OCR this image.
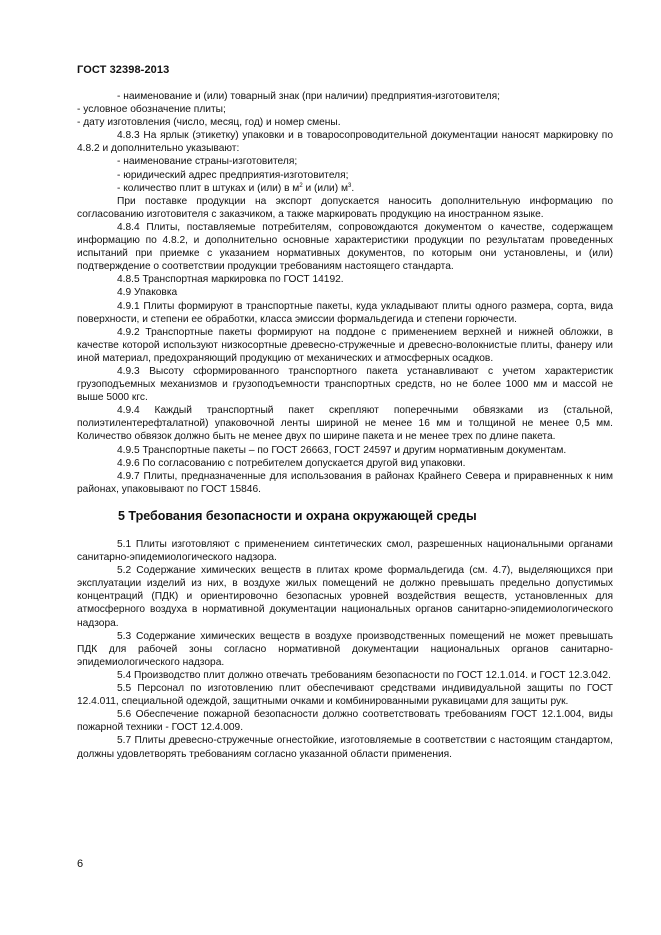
ГОСТ 32398-2013

- наименование и (или) товарный знак (при наличии) предприятия-изготовителя;

- условное обозначение плиты;

- дату изготовления (число, месяц, год) и номер смены.

4.8.3 На ярлык (этикетку) упаковки и в товаросопроводительной документации наносят маркировку по 4.8.2 и дополнительно указывают:

- наименование страны-изготовителя;

- юридический адрес предприятия-изготовителя;

- количество плит в штуках и (или) в $м^2$ и (или) $м^3$.

При поставке продукции на экспорт допускается наносить дополнительную информацию по согласованию изготовителя с заказчиком, а также маркировать продукцию на иностранном языке.

4.8.4 Плиты, поставляемые потребителям, сопровождаются документом о качестве, содержащем информацию по 4.8.2, и дополнительно основные характеристики продукции по результатам проведенных испытаний при приемке с указанием нормативных документов, по которым они установлены, и (или) подтверждение о соответствии продукции требованиям настоящего стандарта.

4.8.5 Транспортная маркировка по ГОСТ 14192.

4.9 Упаковка

4.9.1 Плиты формируют в транспортные пакеты, куда укладывают плиты одного размера, сорта, вида поверхности, и степени ее обработки, класса эмиссии формальдегида и степени горючести.

4.9.2 Транспортные пакеты формируют на поддоне с применением верхней и нижней обложки, в качестве которой используют низкосортные древесно-стружечные и древесно-волокнистые плиты, фанеру или иной материал, предохраняющий продукцию от механических и атмосферных осадков.

4.9.3 Высоту сформированного транспортного пакета устанавливают с учетом характеристик грузоподъемных механизмов и грузоподъемности транспортных средств, но не более 1000 мм и массой не выше 5000 кгс.

4.9.4 Каждый транспортный пакет скрепляют поперечными обвязками из (стальной, полиэтилентерефталатной) упаковочной ленты шириной не менее 16 мм и толщиной не менее 0,5 мм. Количество обвязок должно быть не менее двух по ширине пакета и не менее трех по длине пакета.

4.9.5 Транспортные пакеты – по ГОСТ 26663, ГОСТ 24597 и другим нормативным документам.

4.9.6 По согласованию с потребителем допускается другой вид упаковки.

4.9.7 Плиты, предназначенные для использования в районах Крайнего Севера и приравненных к ним районах, упаковывают по ГОСТ 15846.

5 Требования безопасности и охрана окружающей среды

5.1 Плиты изготовляют с применением синтетических смол, разрешенных национальными органами санитарно-эпидемиологического надзора.

5.2 Содержание химических веществ в плитах кроме формальдегида (см. 4.7), выделяющихся при эксплуатации изделий из них, в воздухе жилых помещений не должно превышать предельно допустимых концентраций (ПДК) и ориентировочно безопасных уровней воздействия веществ, установленных для атмосферного воздуха в нормативной документации национальных органов санитарно-эпидемиологического надзора.

5.3 Содержание химических веществ в воздухе производственных помещений не может превышать ПДК для рабочей зоны согласно нормативной документации национальных органов санитарно-эпидемиологического надзора.

5.4 Производство плит должно отвечать требованиям безопасности по ГОСТ 12.1.014. и ГОСТ 12.3.042.

5.5 Персонал по изготовлению плит обеспечивают средствами индивидуальной защиты по ГОСТ 12.4.011, специальной одеждой, защитными очками и комбинированными рукавицами для защиты рук.

5.6 Обеспечение пожарной безопасности должно соответствовать требованиям ГОСТ 12.1.004, виды пожарной техники - ГОСТ 12.4.009.

5.7 Плиты древесно-стружечные огнестойкие, изготовляемые в соответствии с настоящим стандартом, должны удовлетворять требованиям согласно указанной области применения.

6
